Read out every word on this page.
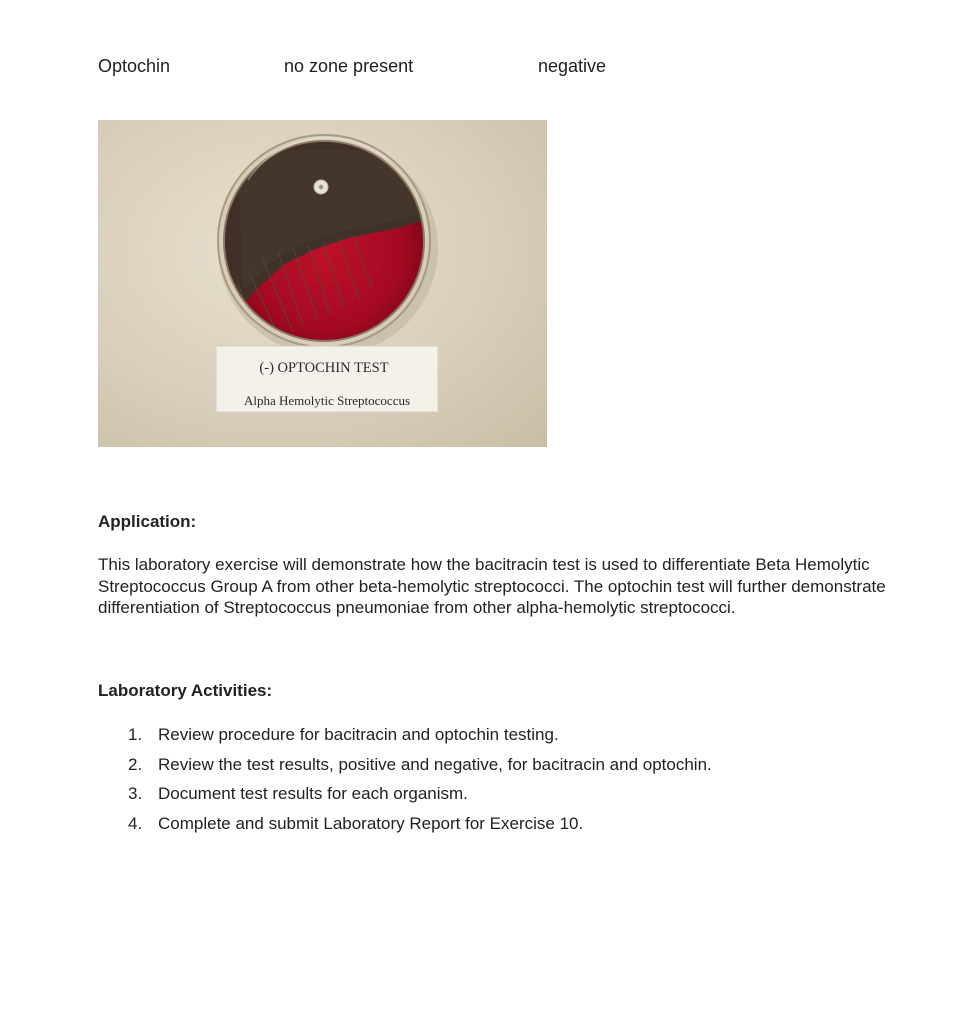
Optochin	no zone present	negative
(-) OPTOCHIN TEST
Alpha Hemolytic Streptococcus
Application:
This laboratory exercise will demonstrate how the bacitracin test is used to differentiate Beta Hemolytic Streptococcus Group A from other beta-hemolytic streptococci. The optochin test will further demonstrate differentiation of Streptococcus pneumoniae from other alpha-hemolytic streptococci.
Laboratory Activities:
1. Review procedure for bacitracin and optochin testing.
2. Review the test results, positive and negative, for bacitracin and optochin.
3. Document test results for each organism.
4. Complete and submit Laboratory Report for Exercise 10.
